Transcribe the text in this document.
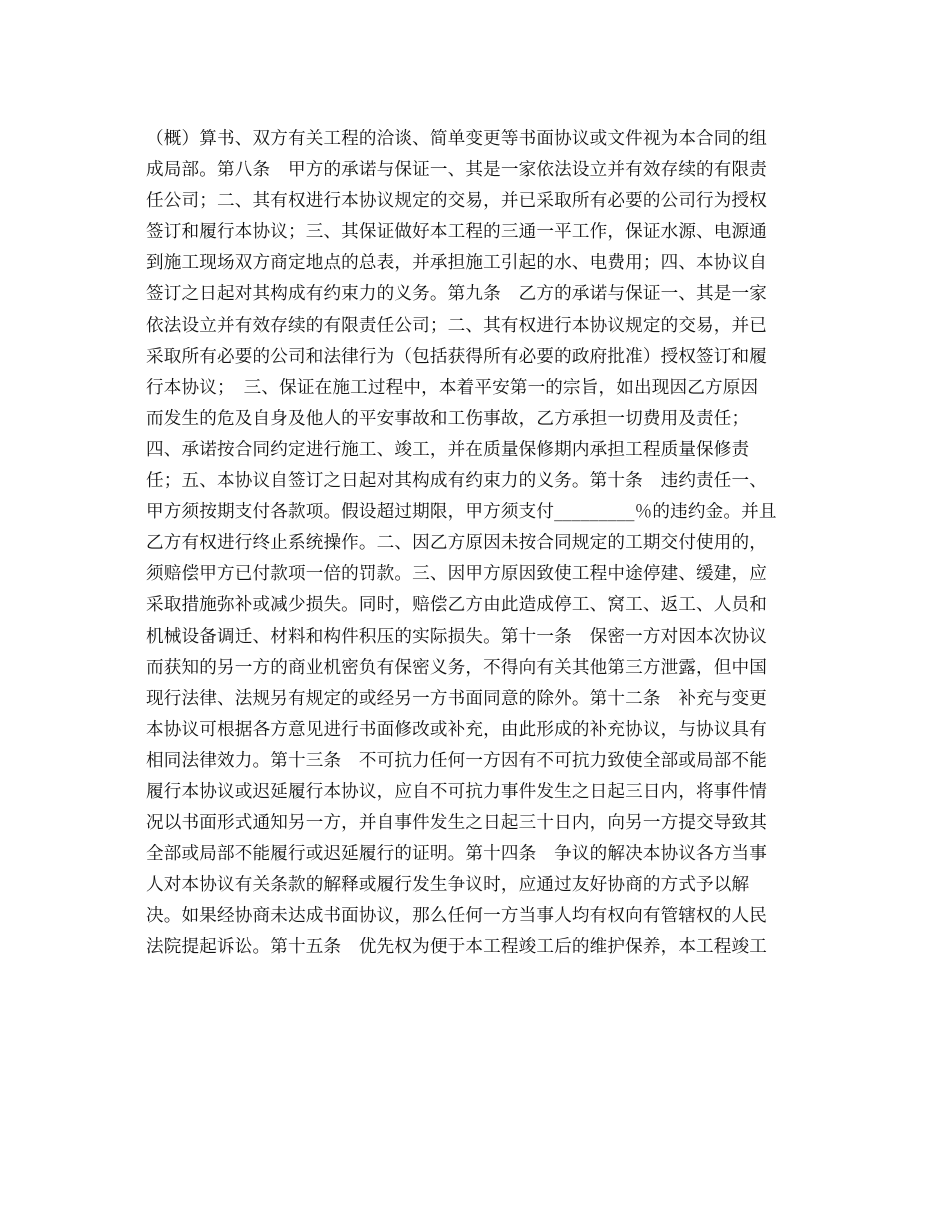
（概）算书、双方有关工程的洽谈、简单变更等书面协议或文件视为本合同的组
成局部。第八条　甲方的承诺与保证一、其是一家依法设立并有效存续的有限责
任公司；二、其有权进行本协议规定的交易，并已采取所有必要的公司行为授权
签订和履行本协议；三、其保证做好本工程的三通一平工作，保证水源、电源通
到施工现场双方商定地点的总表，并承担施工引起的水、电费用；四、本协议自
签订之日起对其构成有约束力的义务。第九条　乙方的承诺与保证一、其是一家
依法设立并有效存续的有限责任公司；二、其有权进行本协议规定的交易，并已
采取所有必要的公司和法律行为（包括获得所有必要的政府批准）授权签订和履
行本协议；　三、保证在施工过程中，本着平安第一的宗旨，如出现因乙方原因
而发生的危及自身及他人的平安事故和工伤事故，乙方承担一切费用及责任；
四、承诺按合同约定进行施工、竣工，并在质量保修期内承担工程质量保修责
任；五、本协议自签订之日起对其构成有约束力的义务。第十条　违约责任一、
甲方须按期支付各款项。假设超过期限，甲方须支付_________％的违约金。并且
乙方有权进行终止系统操作。二、因乙方原因未按合同规定的工期交付使用的，
须赔偿甲方已付款项一倍的罚款。三、因甲方原因致使工程中途停建、缓建，应
采取措施弥补或减少损失。同时，赔偿乙方由此造成停工、窝工、返工、人员和
机械设备调迁、材料和构件积压的实际损失。第十一条　保密一方对因本次协议
而获知的另一方的商业机密负有保密义务，不得向有关其他第三方泄露，但中国
现行法律、法规另有规定的或经另一方书面同意的除外。第十二条　补充与变更
本协议可根据各方意见进行书面修改或补充，由此形成的补充协议，与协议具有
相同法律效力。第十三条　不可抗力任何一方因有不可抗力致使全部或局部不能
履行本协议或迟延履行本协议，应自不可抗力事件发生之日起三日内，将事件情
况以书面形式通知另一方，并自事件发生之日起三十日内，向另一方提交导致其
全部或局部不能履行或迟延履行的证明。第十四条　争议的解决本协议各方当事
人对本协议有关条款的解释或履行发生争议时，应通过友好协商的方式予以解
决。如果经协商未达成书面协议，那么任何一方当事人均有权向有管辖权的人民
法院提起诉讼。第十五条　优先权为便于本工程竣工后的维护保养，本工程竣工
